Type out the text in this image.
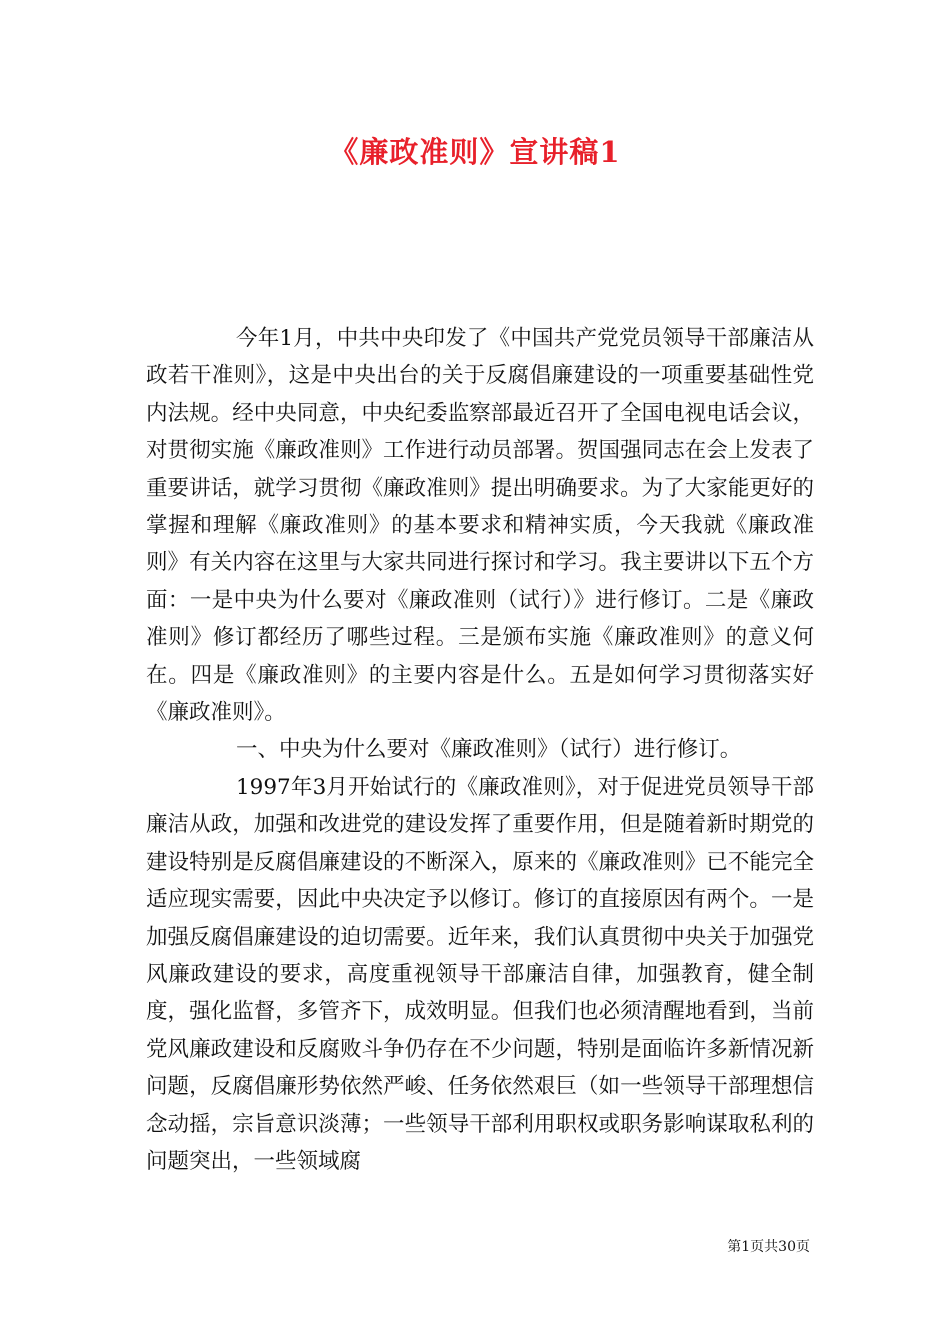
《廉政准则》宣讲稿1

今年1月，中共中央印发了《中国共产党党员领导干部廉洁从政若干准则》，这是中央出台的关于反腐倡廉建设的一项重要基础性党内法规。经中央同意，中央纪委监察部最近召开了全国电视电话会议，对贯彻实施《廉政准则》工作进行动员部署。贺国强同志在会上发表了重要讲话，就学习贯彻《廉政准则》提出明确要求。为了大家能更好的掌握和理解《廉政准则》的基本要求和精神实质，今天我就《廉政准则》有关内容在这里与大家共同进行探讨和学习。我主要讲以下五个方面：一是中央为什么要对《廉政准则（试行）》进行修订。二是《廉政准则》修订都经历了哪些过程。三是颁布实施《廉政准则》的意义何在。四是《廉政准则》的主要内容是什么。五是如何学习贯彻落实好《廉政准则》。

一、中央为什么要对《廉政准则》（试行）进行修订。

1997年3月开始试行的《廉政准则》，对于促进党员领导干部廉洁从政，加强和改进党的建设发挥了重要作用，但是随着新时期党的建设特别是反腐倡廉建设的不断深入，原来的《廉政准则》已不能完全适应现实需要，因此中央决定予以修订。修订的直接原因有两个。一是加强反腐倡廉建设的迫切需要。近年来，我们认真贯彻中央关于加强党风廉政建设的要求，高度重视领导干部廉洁自律，加强教育，健全制度，强化监督，多管齐下，成效明显。但我们也必须清醒地看到，当前党风廉政建设和反腐败斗争仍存在不少问题，特别是面临许多新情况新问题，反腐倡廉形势依然严峻、任务依然艰巨（如一些领导干部理想信念动摇，宗旨意识淡薄；一些领导干部利用职权或职务影响谋取私利的问题突出，一些领域腐

第1页共30页
